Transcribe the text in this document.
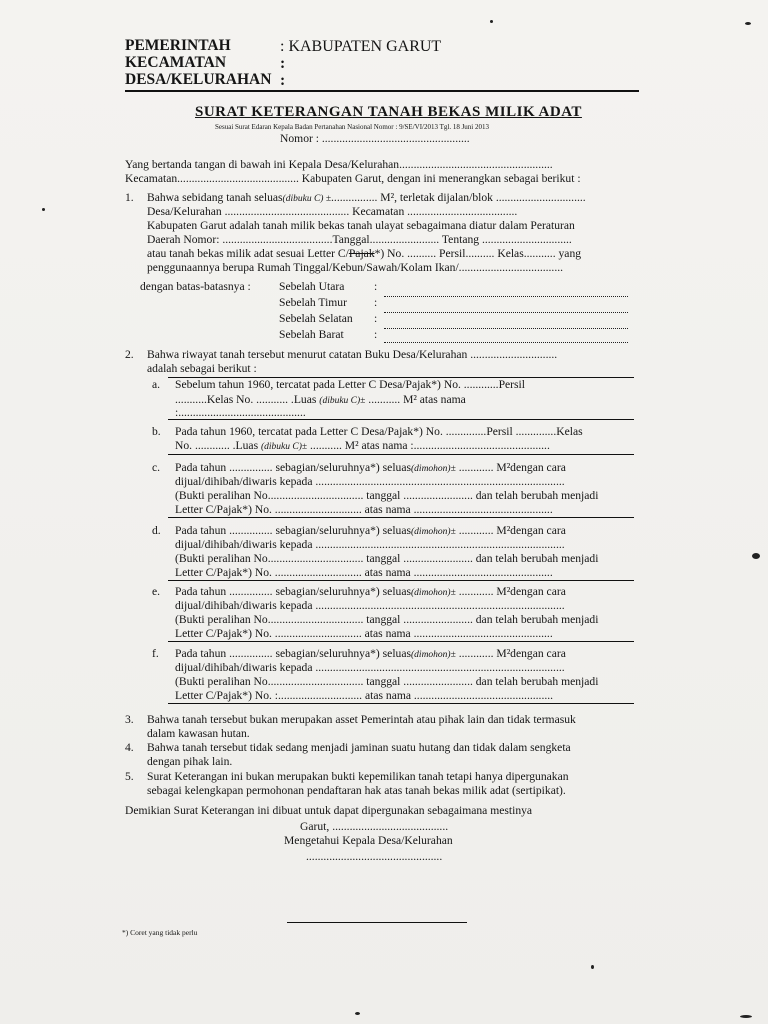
PEMERINTAH
KECAMATAN
DESA/KELURAHAN
: KABUPATEN GARUT
:
:
SURAT KETERANGAN TANAH BEKAS MILIK ADAT
Sesuai Surat Edaran Kepala Badan Pertanahan Nasional Nomor : 9/SE/VI/2013 Tgl. 18 Juni 2013
Nomor : ...................................................
Yang bertanda tangan di bawah ini Kepala Desa/Kelurahan.....................................................
Kecamatan.......................................... Kabupaten Garut, dengan ini menerangkan sebagai berikut :
1. Bahwa sebidang tanah seluas(dibuku C) ±................ M², terletak dijalan/blok ...............................
Desa/Kelurahan ........................................... Kecamatan ......................................
Kabupaten Garut adalah tanah milik bekas tanah ulayat sebagaimana diatur dalam Peraturan
Daerah Nomor: ......................................Tanggal........................ Tentang ...............................
atau tanah bekas milik adat sesuai Letter C/Pajak*) No. .......... Persil.......... Kelas........... yang
penggunaannya berupa Rumah Tinggal/Kebun/Sawah/Kolam Ikan/....................................
dengan batas-batasnya : Sebelah Utara
Sebelah Timur
Sebelah Selatan
Sebelah Barat
:
:
:
:
2. Bahwa riwayat tanah tersebut menurut catatan Buku Desa/Kelurahan ..............................
adalah sebagai berikut :
a. Sebelum tahun 1960, tercatat pada Letter C Desa/Pajak*) No. ............Persil
...........Kelas No. ........... .Luas (dibuku C)± ........... M² atas nama
:............................................
b. Pada tahun 1960, tercatat pada Letter C Desa/Pajak*) No. ..............Persil ..............Kelas
No. ............ .Luas (dibuku C)± ........... M² atas nama :...............................................
c. Pada tahun ............... sebagian/seluruhnya*) seluas(dimohon)± ............ M²dengan cara
dijual/dihibah/diwaris kepada ......................................................................................
(Bukti peralihan No................................. tanggal ........................ dan telah berubah menjadi
Letter C/Pajak*) No. .............................. atas nama ................................................
d. Pada tahun ............... sebagian/seluruhnya*) seluas(dimohon)± ............ M²dengan cara
dijual/dihibah/diwaris kepada ......................................................................................
(Bukti peralihan No................................. tanggal ........................ dan telah berubah menjadi
Letter C/Pajak*) No. .............................. atas nama ................................................
e. Pada tahun ............... sebagian/seluruhnya*) seluas(dimohon)± ............ M²dengan cara
dijual/dihibah/diwaris kepada ......................................................................................
(Bukti peralihan No................................. tanggal ........................ dan telah berubah menjadi
Letter C/Pajak*) No. .............................. atas nama ................................................
f. Pada tahun ............... sebagian/seluruhnya*) seluas(dimohon)± ............ M²dengan cara
dijual/dihibah/diwaris kepada ......................................................................................
(Bukti peralihan No................................. tanggal ........................ dan telah berubah menjadi
Letter C/Pajak*) No. :............................. atas nama ................................................
3. Bahwa tanah tersebut bukan merupakan asset Pemerintah atau pihak lain dan tidak termasuk
dalam kawasan hutan.
4. Bahwa tanah tersebut tidak sedang menjadi jaminan suatu hutang dan tidak dalam sengketa
dengan pihak lain.
5. Surat Keterangan ini bukan merupakan bukti kepemilikan tanah tetapi hanya dipergunakan
sebagai kelengkapan permohonan pendaftaran hak atas tanah bekas milik adat (sertipikat).
Demikian Surat Keterangan ini dibuat untuk dapat dipergunakan sebagaimana mestinya
Garut, ........................................
Mengetahui Kepala Desa/Kelurahan
...............................................
*) Coret yang tidak perlu
